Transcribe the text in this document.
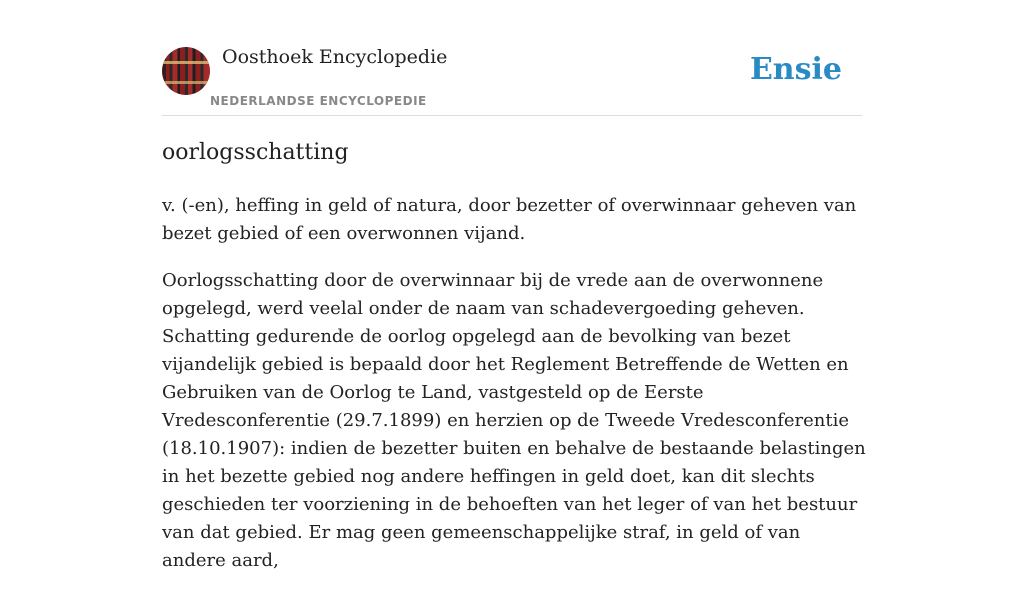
Oosthoek Encyclopedie
NEDERLANDSE ENCYCLOPEDIE
Ensie
oorlogsschatting

v. (-en), heffing in geld of natura, door bezetter of overwinnaar geheven van bezet gebied of een overwonnen vijand.

Oorlogsschatting door de overwinnaar bij de vrede aan de overwonnene opgelegd, werd veelal onder de naam van schadevergoeding geheven. Schatting gedurende de oorlog opgelegd aan de bevolking van bezet vijandelijk gebied is bepaald door het Reglement Betreffende de Wetten en Gebruiken van de Oorlog te Land, vastgesteld op de Eerste Vredesconferentie (29.7.1899) en herzien op de Tweede Vredesconferentie (18.10.1907): indien de bezetter buiten en behalve de bestaande belastingen in het bezette gebied nog andere heffingen in geld doet, kan dit slechts geschieden ter voorziening in de behoeften van het leger of van het bestuur van dat gebied. Er mag geen gemeenschappelijke straf, in geld of van andere aard,
